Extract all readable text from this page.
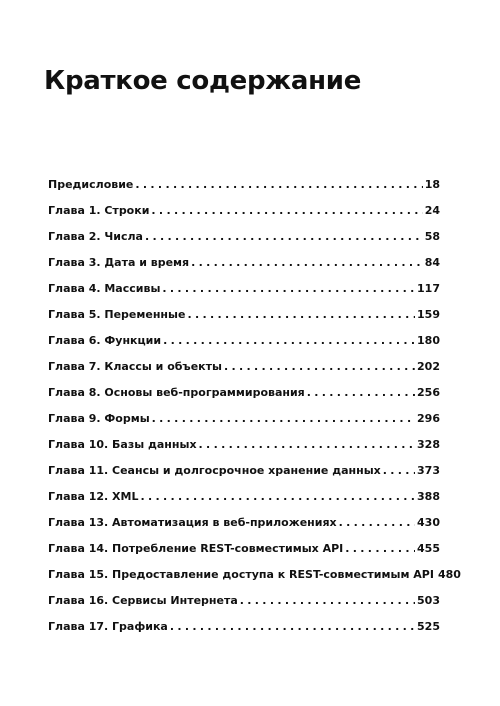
Краткое содержание
Предисловие . . .	18
Глава 1. Строки . . .	24
Глава 2. Числа . . .	58
Глава 3. Дата и время . . .	84
Глава 4. Массивы . . .	117
Глава 5. Переменные . . .	159
Глава 6. Функции . . .	180
Глава 7. Классы и объекты . . .	202
Глава 8. Основы веб-программирования . . .	256
Глава 9. Формы . . .	296
Глава 10. Базы данных . . .	328
Глава 11. Сеансы и долгосрочное хранение данных . . .	373
Глава 12. XML . . .	388
Глава 13. Автоматизация в веб-приложениях . . .	430
Глава 14. Потребление REST-совместимых API . . .	455
Глава 15. Предоставление доступа к REST-совместимым API 480
Глава 16. Сервисы Интернета . . .	503
Глава 17. Графика . . .	525
